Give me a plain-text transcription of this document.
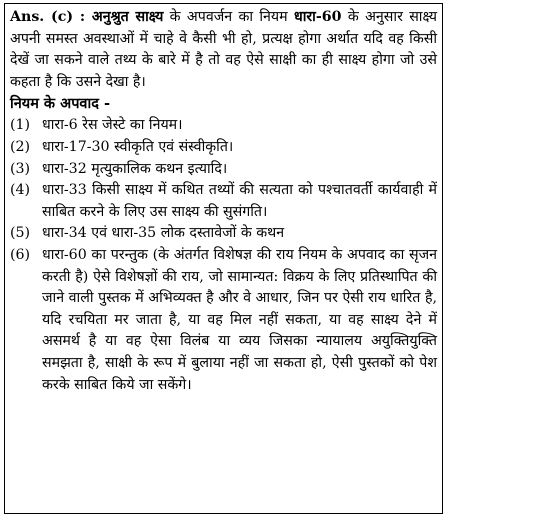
Ans. (c) : अनुश्रुत साक्ष्य के अपवर्जन का नियम धारा-60 के अनुसार साक्ष्य अपनी समस्त अवस्थाओं में चाहे वे कैसी भी हो, प्रत्यक्ष होगा अर्थात यदि वह किसी देखें जा सकने वाले तथ्य के बारे में है तो वह ऐसे साक्षी का ही साक्ष्य होगा जो उसे कहता है कि उसने देखा है।

नियम के अपवाद -

(1) धारा-6 रेस जेस्टे का नियम।
(2) धारा-17-30 स्वीकृति एवं संस्वीकृति।
(3) धारा-32 मृत्युकालिक कथन इत्यादि।
(4) धारा-33 किसी साक्ष्य में कथित तथ्यों की सत्यता को पश्चातवर्ती कार्यवाही में साबित करने के लिए उस साक्ष्य की सुसंगति।
(5) धारा-34 एवं धारा-35 लोक दस्तावेजों के कथन
(6) धारा-60 का परन्तुक (के अंतर्गत विशेषज्ञ की राय नियम के अपवाद का सृजन करती है) ऐसे विशेषज्ञों की राय, जो सामान्यत: विक्रय के लिए प्रतिस्थापित की जाने वाली पुस्तक में अभिव्यक्त है और वे आधार, जिन पर ऐसी राय धारित है, यदि रचयिता मर जाता है, या वह मिल नहीं सकता, या वह साक्ष्य देने में असमर्थ है या वह ऐसा विलंब या व्यय जिसका न्यायालय अयुक्तियुक्ति समझता है, साक्षी के रूप में बुलाया नहीं जा सकता हो, ऐसी पुस्तकों को पेश करके साबित किये जा सकेंगे।
